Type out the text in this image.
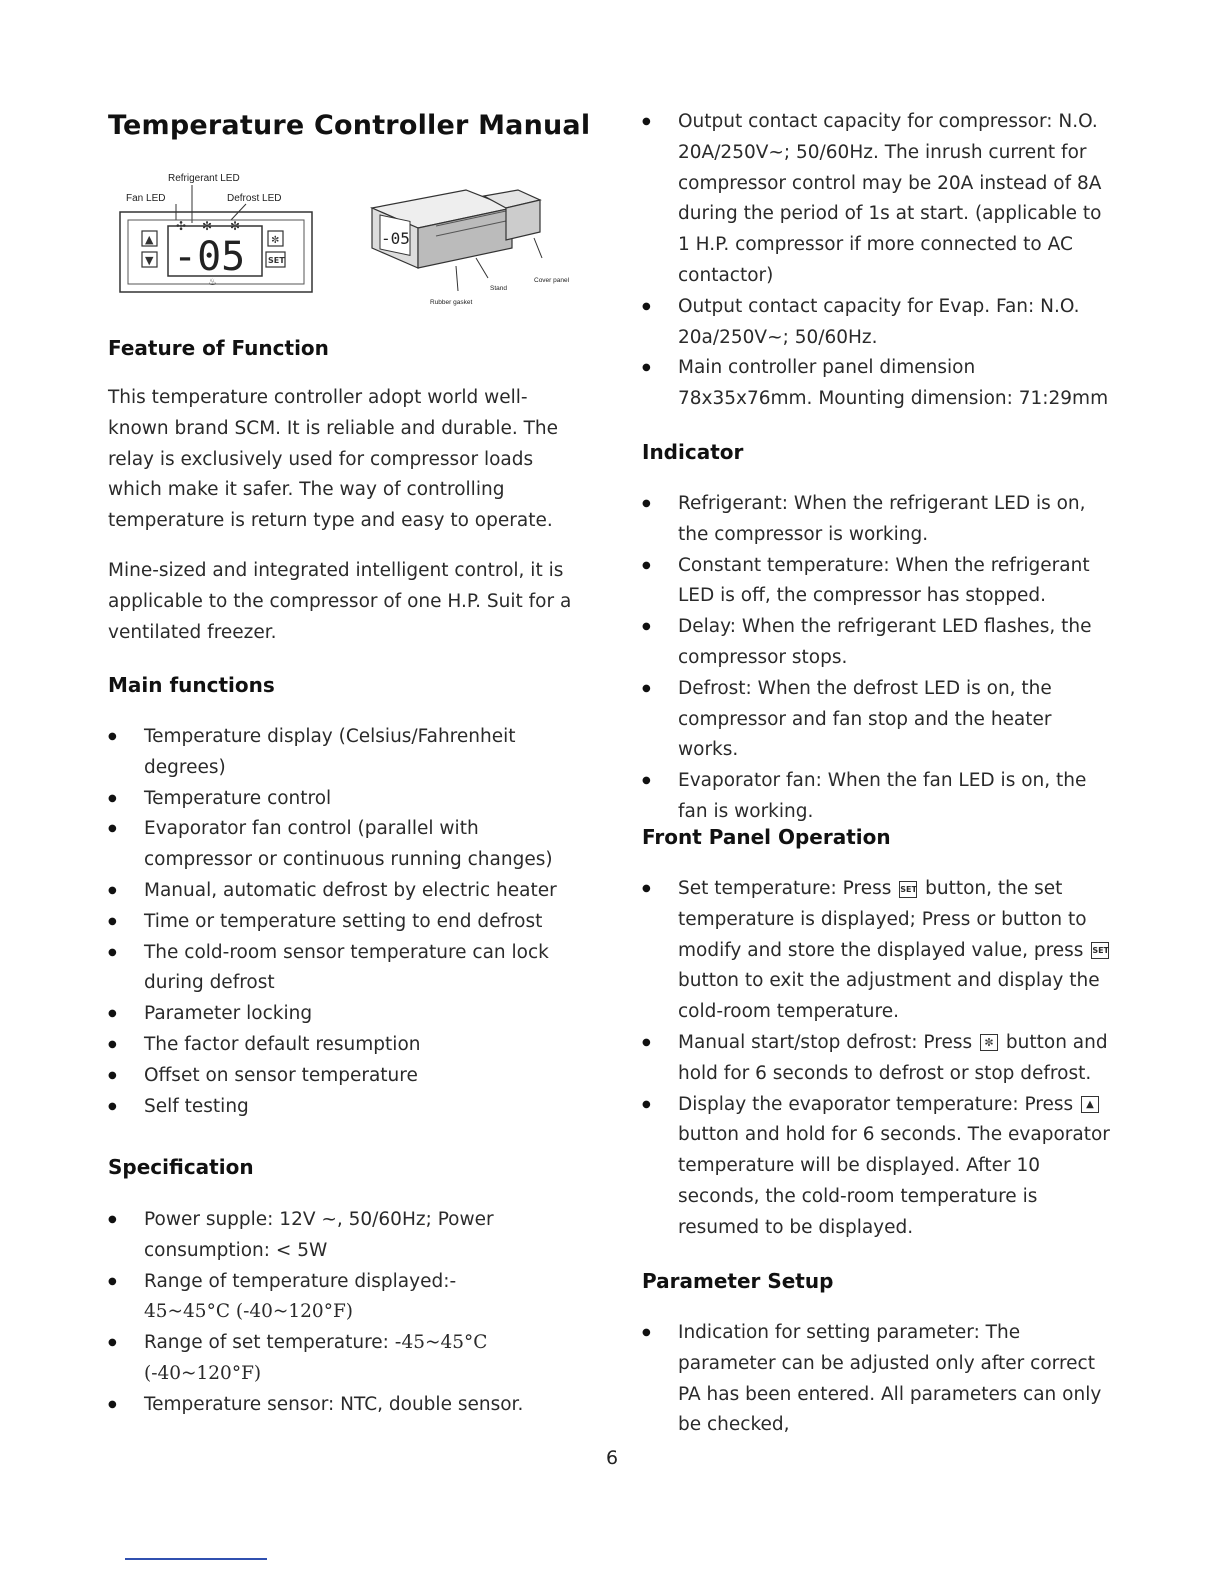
Temperature Controller Manual
Refrigerant LED
Fan LED	Defrost LED
▲
▼
✣ ✻ ✼
-05
♨
✼
SET
-05
Stand
Cover panel
Rubber gasket
Feature of Function

This temperature controller adopt world well-known brand SCM. It is reliable and durable. The relay is exclusively used for compressor loads which make it safer. The way of controlling temperature is return type and easy to operate.

Mine-sized and integrated intelligent control, it is applicable to the compressor of one H.P. Suit for a ventilated freezer.

Main functions
● Temperature display (Celsius/Fahrenheit degrees)
● Temperature control
● Evaporator fan control (parallel with compressor or continuous running changes)
● Manual, automatic defrost by electric heater
● Time or temperature setting to end defrost
● The cold-room sensor temperature can lock during defrost
● Parameter locking
● The factor default resumption
● Offset on sensor temperature
● Self testing
Specification
● Power supple: 12V ~, 50/60Hz; Power consumption: < 5W
● Range of temperature displayed:- 45~45°C (-40~120°F)
● Range of set temperature: -45~45°C (-40~120°F)
● Temperature sensor: NTC, double sensor.
● Output contact capacity for compressor: N.O. 20A/250V~; 50/60Hz. The inrush current for compressor control may be 20A instead of 8A during the period of 1s at start. (applicable to 1 H.P. compressor if more connected to AC contactor)
● Output contact capacity for Evap. Fan: N.O. 20a/250V~; 50/60Hz.
● Main controller panel dimension 78x35x76mm. Mounting dimension: 71:29mm
Indicator
● Refrigerant: When the refrigerant LED is on, the compressor is working.
● Constant temperature: When the refrigerant LED is off, the compressor has stopped.
● Delay: When the refrigerant LED flashes, the compressor stops.
● Defrost: When the defrost LED is on, the compressor and fan stop and the heater works.
● Evaporator fan: When the fan LED is on, the fan is working.
Front Panel Operation
● Set temperature: Press SET button, the set temperature is displayed; Press or button to modify and store the displayed value, press SET button to exit the adjustment and display the cold-room temperature.
● Manual start/stop defrost: Press ✼ button and hold for 6 seconds to defrost or stop defrost.
● Display the evaporator temperature: Press ▲ button and hold for 6 seconds. The evaporator temperature will be displayed. After 10 seconds, the cold-room temperature is resumed to be displayed.
Parameter Setup
● Indication for setting parameter: The parameter can be adjusted only after correct PA has been entered. All parameters can only be checked,
6
